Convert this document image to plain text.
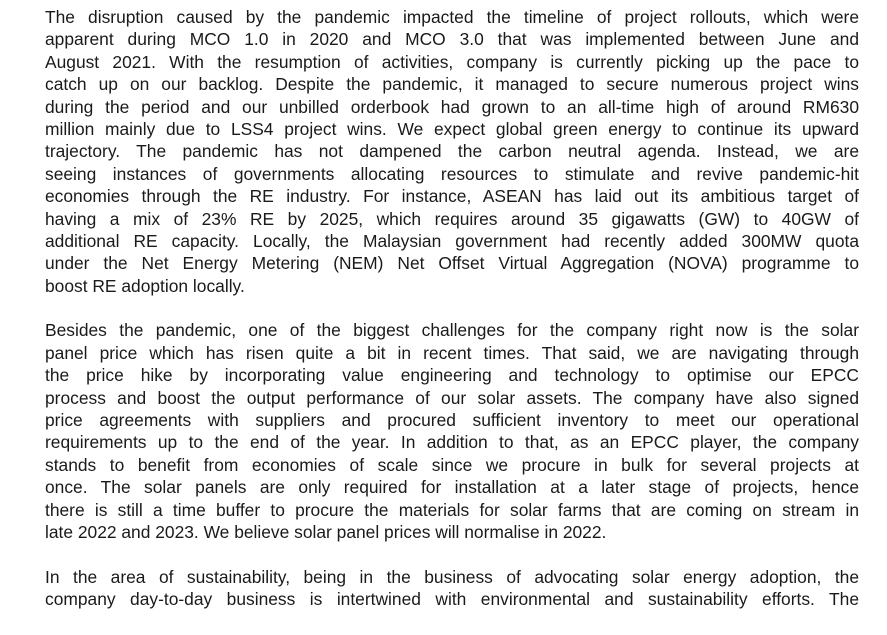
The disruption caused by the pandemic impacted the timeline of project rollouts, which were
apparent during MCO 1.0 in 2020 and MCO 3.0 that was implemented between June and
August 2021. With the resumption of activities, company is currently picking up the pace to
catch up on our backlog. Despite the pandemic, it managed to secure numerous project wins
during the period and our unbilled orderbook had grown to an all-time high of around RM630
million mainly due to LSS4 project wins. We expect global green energy to continue its upward
trajectory. The pandemic has not dampened the carbon neutral agenda. Instead, we are
seeing instances of governments allocating resources to stimulate and revive pandemic-hit
economies through the RE industry. For instance, ASEAN has laid out its ambitious target of
having a mix of 23% RE by 2025, which requires around 35 gigawatts (GW) to 40GW of
additional RE capacity. Locally, the Malaysian government had recently added 300MW quota
under the Net Energy Metering (NEM) Net Offset Virtual Aggregation (NOVA) programme to
boost RE adoption locally.
Besides the pandemic, one of the biggest challenges for the company right now is the solar
panel price which has risen quite a bit in recent times. That said, we are navigating through
the price hike by incorporating value engineering and technology to optimise our EPCC
process and boost the output performance of our solar assets. The company have also signed
price agreements with suppliers and procured sufficient inventory to meet our operational
requirements up to the end of the year. In addition to that, as an EPCC player, the company
stands to benefit from economies of scale since we procure in bulk for several projects at
once. The solar panels are only required for installation at a later stage of projects, hence
there is still a time buffer to procure the materials for solar farms that are coming on stream in
late 2022 and 2023. We believe solar panel prices will normalise in 2022.
In the area of sustainability, being in the business of advocating solar energy adoption, the
company day-to-day business is intertwined with environmental and sustainability efforts. The
